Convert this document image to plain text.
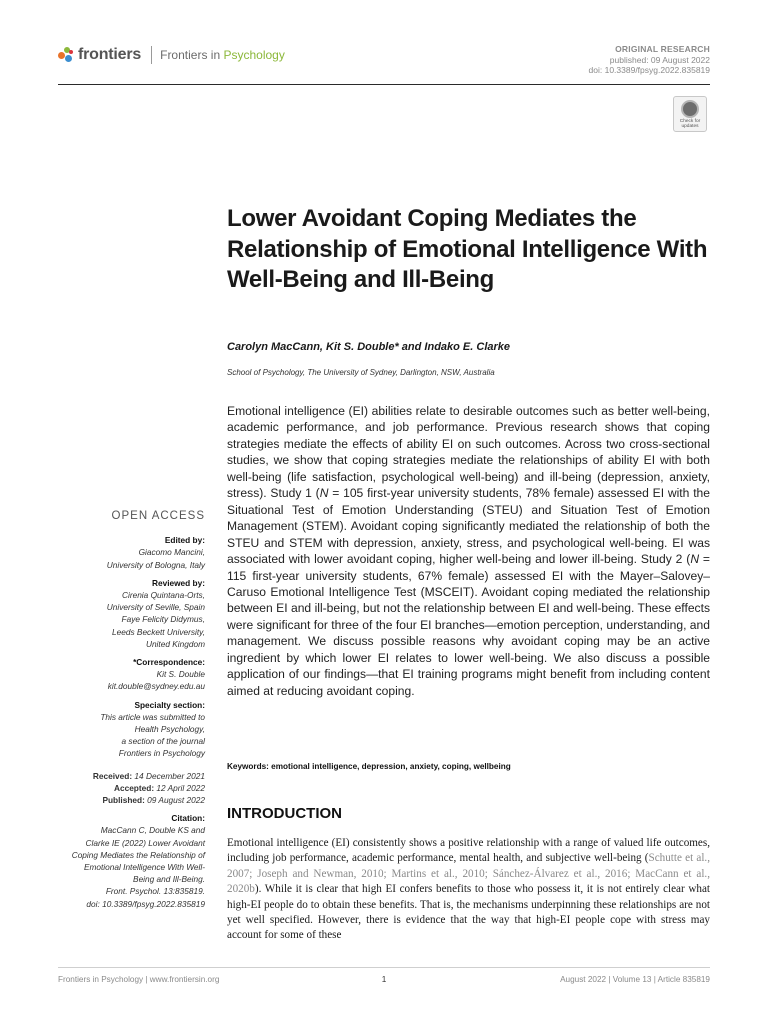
frontiers Frontiers in Psychology	ORIGINAL RESEARCH
published: 09 August 2022
doi: 10.3389/fpsyg.2022.835819
Check for
updates
Lower Avoidant Coping Mediates the Relationship of Emotional Intelligence With Well-Being and Ill-Being
Carolyn MacCann, Kit S. Double* and Indako E. Clarke
School of Psychology, The University of Sydney, Darlington, NSW, Australia
Emotional intelligence (EI) abilities relate to desirable outcomes such as better well-being, academic performance, and job performance. Previous research shows that coping strategies mediate the effects of ability EI on such outcomes. Across two cross-sectional studies, we show that coping strategies mediate the relationships of ability EI with both well-being (life satisfaction, psychological well-being) and ill-being (depression, anxiety, stress). Study 1 (N = 105 first-year university students, 78% female) assessed EI with the Situational Test of Emotion Understanding (STEU) and Situation Test of Emotion Management (STEM). Avoidant coping significantly mediated the relationship of both the STEU and STEM with depression, anxiety, stress, and psychological well-being. EI was associated with lower avoidant coping, higher well-being and lower ill-being. Study 2 (N = 115 first-year university students, 67% female) assessed EI with the Mayer–Salovey–Caruso Emotional Intelligence Test (MSCEIT). Avoidant coping mediated the relationship between EI and ill-being, but not the relationship between EI and well-being. These effects were significant for three of the four EI branches—emotion perception, understanding, and management. We discuss possible reasons why avoidant coping may be an active ingredient by which lower EI relates to lower well-being. We also discuss a possible application of our findings—that EI training programs might benefit from including content aimed at reducing avoidant coping.
Keywords: emotional intelligence, depression, anxiety, coping, wellbeing
INTRODUCTION
Emotional intelligence (EI) consistently shows a positive relationship with a range of valued life outcomes, including job performance, academic performance, mental health, and subjective well-being (Schutte et al., 2007; Joseph and Newman, 2010; Martins et al., 2010; Sánchez-Álvarez et al., 2016; MacCann et al., 2020b). While it is clear that high EI confers benefits to those who possess it, it is not entirely clear what high-EI people do to obtain these benefits. That is, the mechanisms underpinning these relationships are not yet well specified. However, there is evidence that the way that high-EI people cope with stress may account for some of these
OPEN ACCESS
Edited by:
Giacomo Mancini,
University of Bologna, Italy
Reviewed by:
Cirenia Quintana-Orts,
University of Seville, Spain
Faye Felicity Didymus,
Leeds Beckett University,
United Kingdom
*Correspondence:
Kit S. Double
kit.double@sydney.edu.au
Specialty section:
This article was submitted to
Health Psychology,
a section of the journal
Frontiers in Psychology
Received: 14 December 2021
Accepted: 12 April 2022
Published: 09 August 2022
Citation:
MacCann C, Double KS and
Clarke IE (2022) Lower Avoidant
Coping Mediates the Relationship of
Emotional Intelligence With Well-
Being and Ill-Being.
Front. Psychol. 13:835819.
doi: 10.3389/fpsyg.2022.835819
Frontiers in Psychology | www.frontiersin.org	1	August 2022 | Volume 13 | Article 835819
